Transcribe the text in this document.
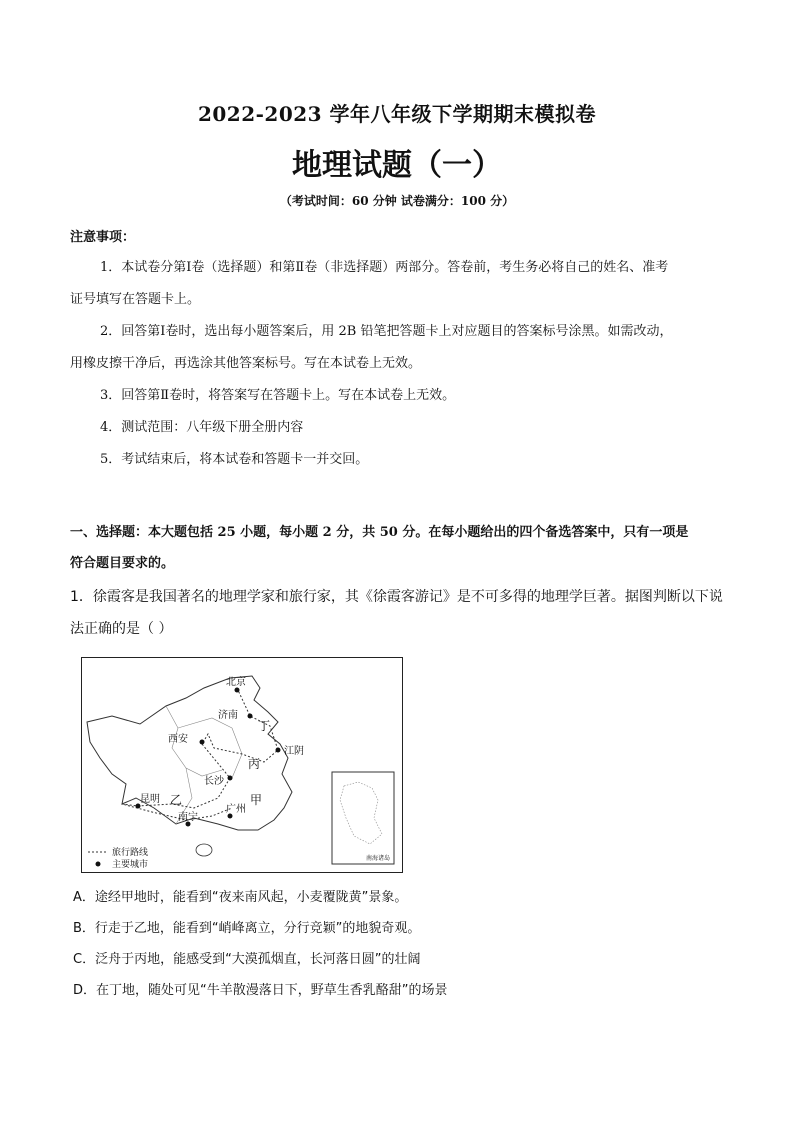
2022-2023 学年八年级下学期期末模拟卷
地理试题（一）
（考试时间：60 分钟 试卷满分：100 分）
注意事项：
1．本试卷分第Ⅰ卷（选择题）和第Ⅱ卷（非选择题）两部分。答卷前，考生务必将自己的姓名、准考
证号填写在答题卡上。
2．回答第Ⅰ卷时，选出每小题答案后，用 2B 铅笔把答题卡上对应题目的答案标号涂黑。如需改动，
用橡皮擦干净后，再选涂其他答案标号。写在本试卷上无效。
3．回答第Ⅱ卷时，将答案写在答题卡上。写在本试卷上无效。
4．测试范围：八年级下册全册内容
5．考试结束后，将本试卷和答题卡一并交回。
一、选择题：本大题包括 25 小题，每小题 2 分，共 50 分。在每小题给出的四个备选答案中，只有一项是
符合题目要求的。
1．徐霞客是我国著名的地理学家和旅行家，其《徐霞客游记》是不可多得的地理学巨著。据图判断以下说
法正确的是（ ）
北京
济南
西安
江阴
长沙
昆明
南宁
广州
甲
乙
丙
丁
旅行路线
主要城市
南海诸岛
A．途经甲地时，能看到“夜来南风起，小麦覆陇黄”景象。
B．行走于乙地，能看到“峭峰离立，分行竞颖”的地貌奇观。
C．泛舟于丙地，能感受到“大漠孤烟直，长河落日圆”的壮阔
D．在丁地，随处可见“牛羊散漫落日下，野草生香乳酪甜”的场景
